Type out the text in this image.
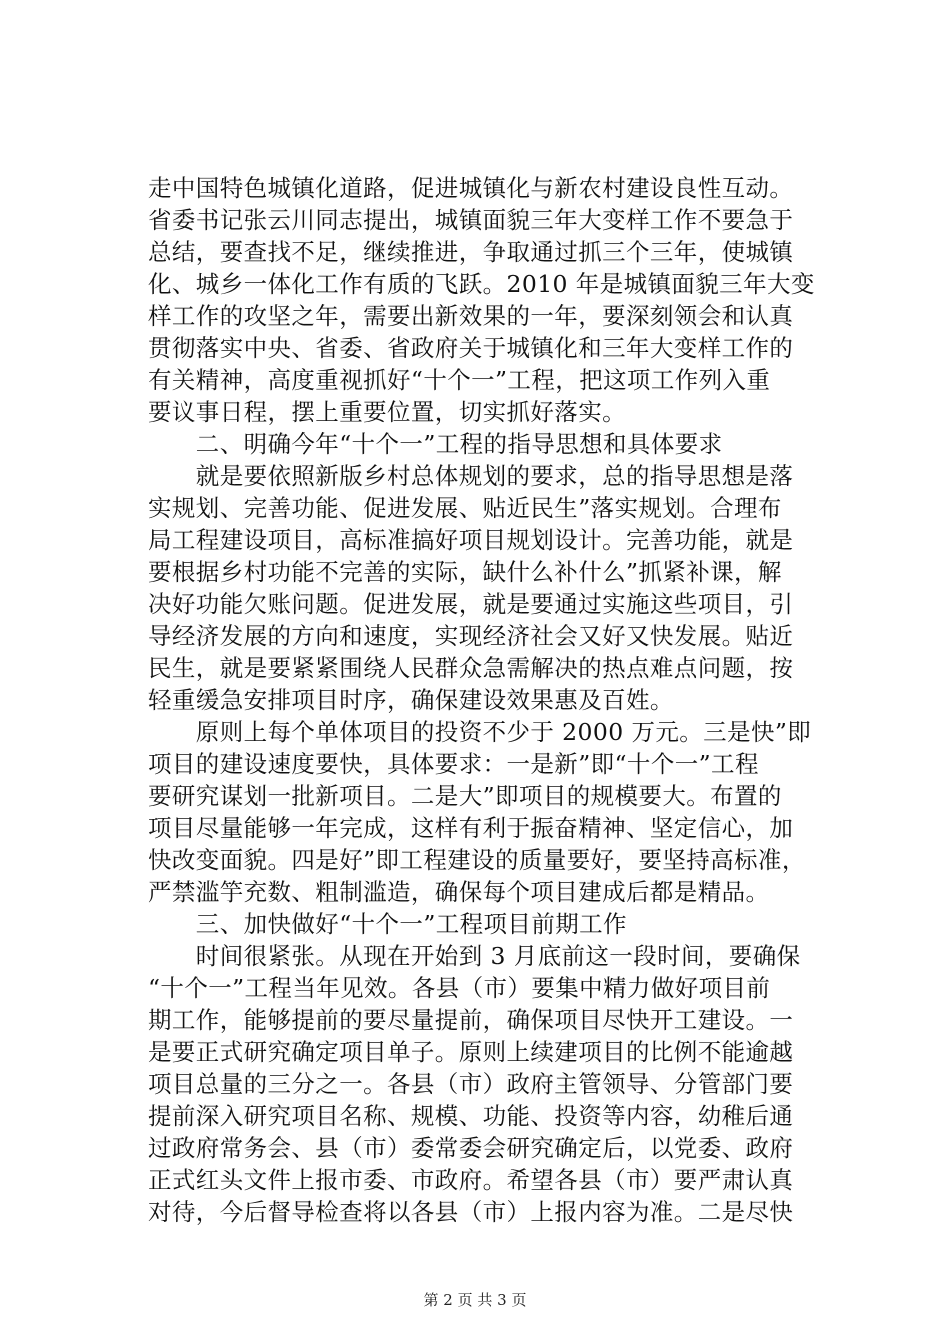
走中国特色城镇化道路，促进城镇化与新农村建设良性互动。

省委书记张云川同志提出，城镇面貌三年大变样工作不要急于

总结，要查找不足，继续推进，争取通过抓三个三年，使城镇

化、城乡一体化工作有质的飞跃。2010 年是城镇面貌三年大变

样工作的攻坚之年，需要出新效果的一年，要深刻领会和认真

贯彻落实中央、省委、省政府关于城镇化和三年大变样工作的

有关精神，高度重视抓好“十个一”工程，把这项工作列入重

要议事日程，摆上重要位置，切实抓好落实。

　　二、明确今年“十个一”工程的指导思想和具体要求

　　就是要依照新版乡村总体规划的要求，总的指导思想是落

实规划、完善功能、促进发展、贴近民生”落实规划。合理布

局工程建设项目，高标准搞好项目规划设计。完善功能，就是

要根据乡村功能不完善的实际，缺什么补什么”抓紧补课，解

决好功能欠账问题。促进发展，就是要通过实施这些项目，引

导经济发展的方向和速度，实现经济社会又好又快发展。贴近

民生，就是要紧紧围绕人民群众急需解决的热点难点问题，按

轻重缓急安排项目时序，确保建设效果惠及百姓。

　　原则上每个单体项目的投资不少于 2000 万元。三是快”即

项目的建设速度要快，具体要求：一是新”即“十个一”工程

要研究谋划一批新项目。二是大”即项目的规模要大。布置的

项目尽量能够一年完成，这样有利于振奋精神、坚定信心，加

快改变面貌。四是好”即工程建设的质量要好，要坚持高标准，

严禁滥竽充数、粗制滥造，确保每个项目建成后都是精品。

　　三、加快做好“十个一”工程项目前期工作

　　时间很紧张。从现在开始到 3 月底前这一段时间，要确保

“十个一”工程当年见效。各县（市）要集中精力做好项目前

期工作，能够提前的要尽量提前，确保项目尽快开工建设。一

是要正式研究确定项目单子。原则上续建项目的比例不能逾越

项目总量的三分之一。各县（市）政府主管领导、分管部门要

提前深入研究项目名称、规模、功能、投资等内容，幼稚后通

过政府常务会、县（市）委常委会研究确定后，以党委、政府

正式红头文件上报市委、市政府。希望各县（市）要严肃认真

对待，今后督导检查将以各县（市）上报内容为准。二是尽快

第 2 页 共 3 页
